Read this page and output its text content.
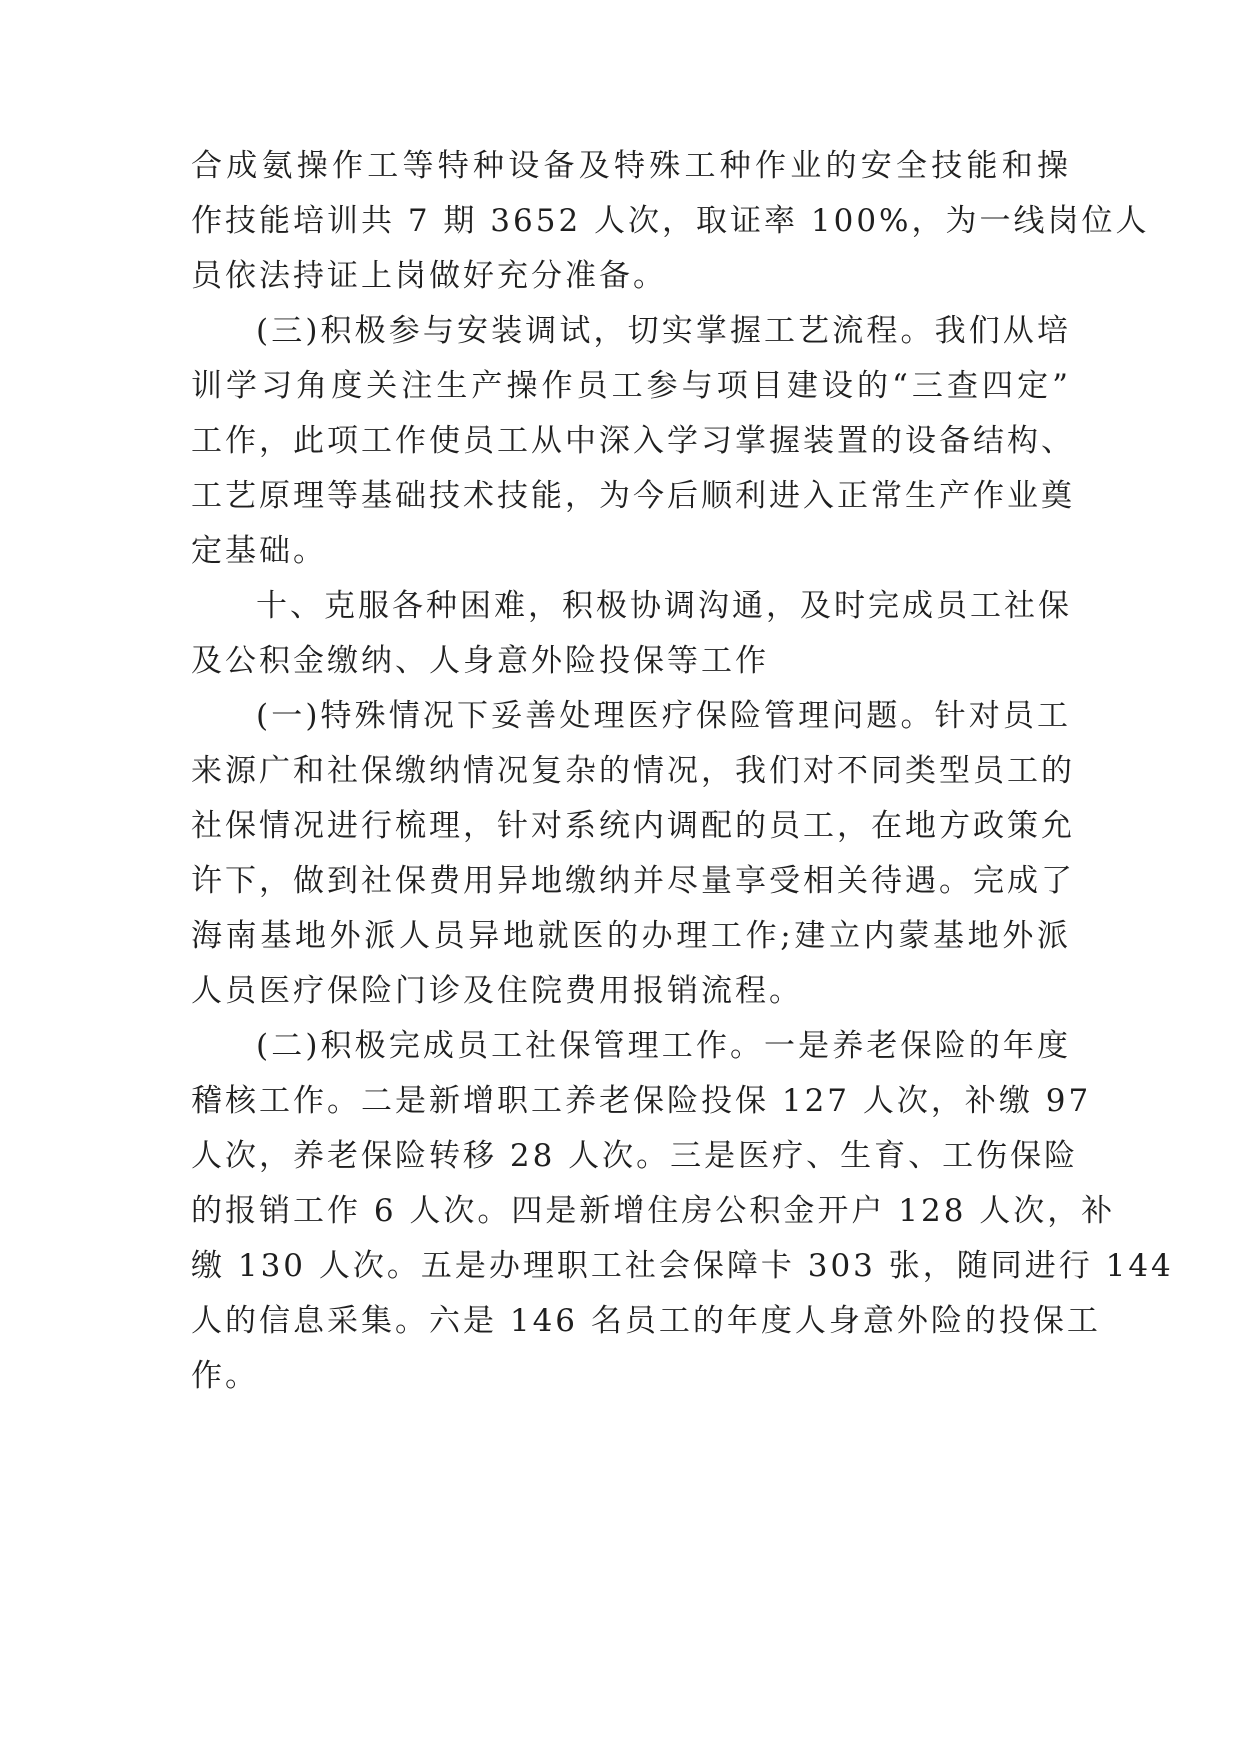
合成氨操作工等特种设备及特殊工种作业的安全技能和操

作技能培训共 7 期 3652 人次，取证率 100%，为一线岗位人

员依法持证上岗做好充分准备。

(三)积极参与安装调试，切实掌握工艺流程。我们从培

训学习角度关注生产操作员工参与项目建设的“三查四定”

工作，此项工作使员工从中深入学习掌握装置的设备结构、

工艺原理等基础技术技能，为今后顺利进入正常生产作业奠

定基础。

十、克服各种困难，积极协调沟通，及时完成员工社保

及公积金缴纳、人身意外险投保等工作

(一)特殊情况下妥善处理医疗保险管理问题。针对员工

来源广和社保缴纳情况复杂的情况，我们对不同类型员工的

社保情况进行梳理，针对系统内调配的员工，在地方政策允

许下，做到社保费用异地缴纳并尽量享受相关待遇。完成了

海南基地外派人员异地就医的办理工作;建立内蒙基地外派

人员医疗保险门诊及住院费用报销流程。

(二)积极完成员工社保管理工作。一是养老保险的年度

稽核工作。二是新增职工养老保险投保 127 人次，补缴 97

人次，养老保险转移 28 人次。三是医疗、生育、工伤保险

的报销工作 6 人次。四是新增住房公积金开户 128 人次，补

缴 130 人次。五是办理职工社会保障卡 303 张，随同进行 144

人的信息采集。六是 146 名员工的年度人身意外险的投保工

作。
